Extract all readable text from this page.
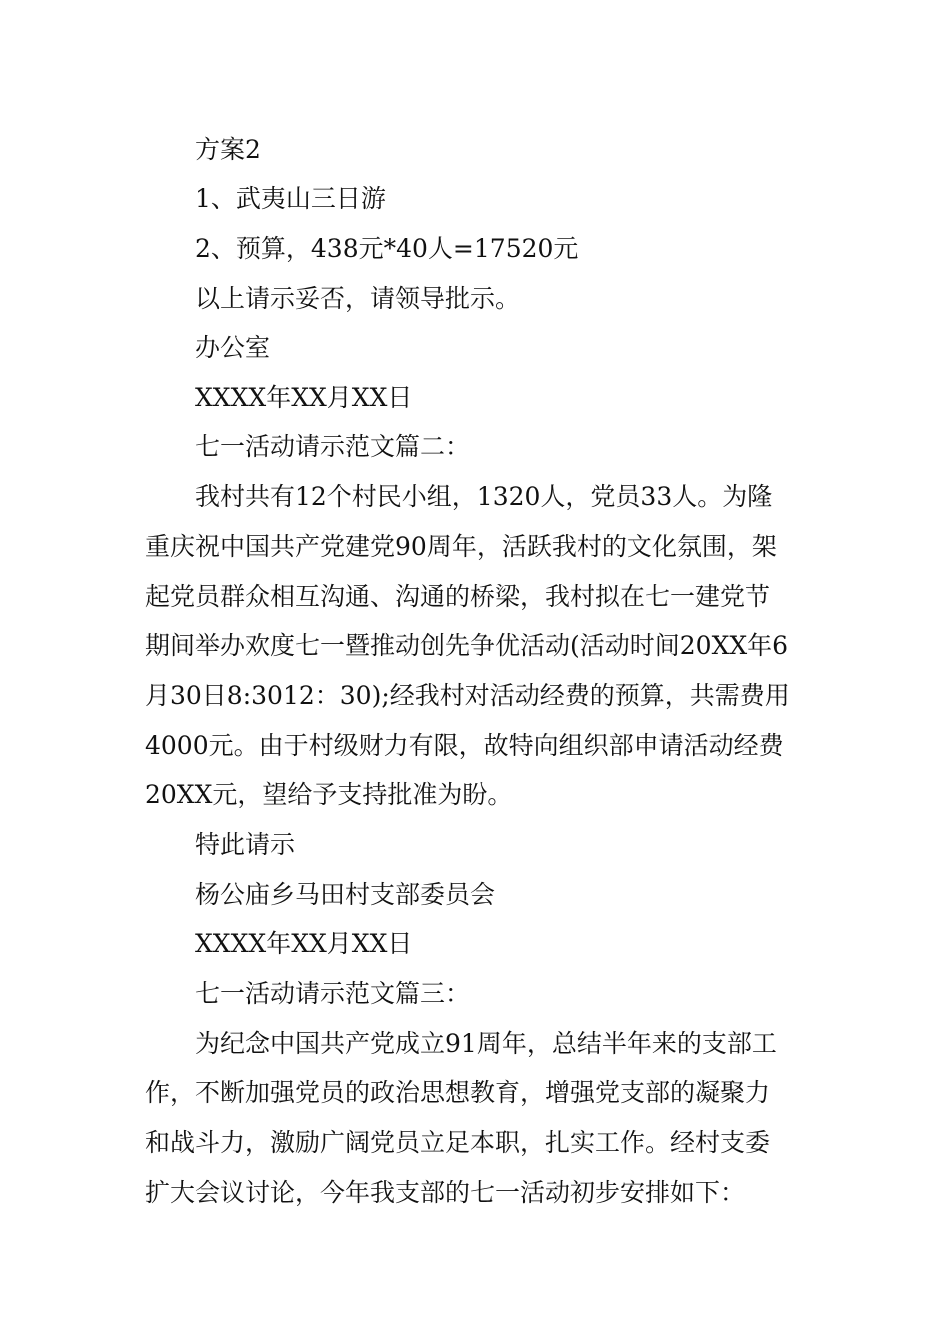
方案2
1、武夷山三日游
2、预算，438元*40人=17520元
以上请示妥否，请领导批示。
办公室
XXXX年XX月XX日
七一活动请示范文篇二：
我村共有12个村民小组，1320人，党员33人。为隆
重庆祝中国共产党建党90周年，活跃我村的文化氛围，架
起党员群众相互沟通、沟通的桥梁，我村拟在七一建党节
期间举办欢度七一暨推动创先争优活动(活动时间20XX年6
月30日8:3012：30);经我村对活动经费的预算，共需费用
4000元。由于村级财力有限，故特向组织部申请活动经费
20XX元，望给予支持批准为盼。
特此请示
杨公庙乡马田村支部委员会
XXXX年XX月XX日
七一活动请示范文篇三：
为纪念中国共产党成立91周年，总结半年来的支部工
作，不断加强党员的政治思想教育，增强党支部的凝聚力
和战斗力，激励广阔党员立足本职，扎实工作。经村支委
扩大会议讨论，今年我支部的七一活动初步安排如下：
